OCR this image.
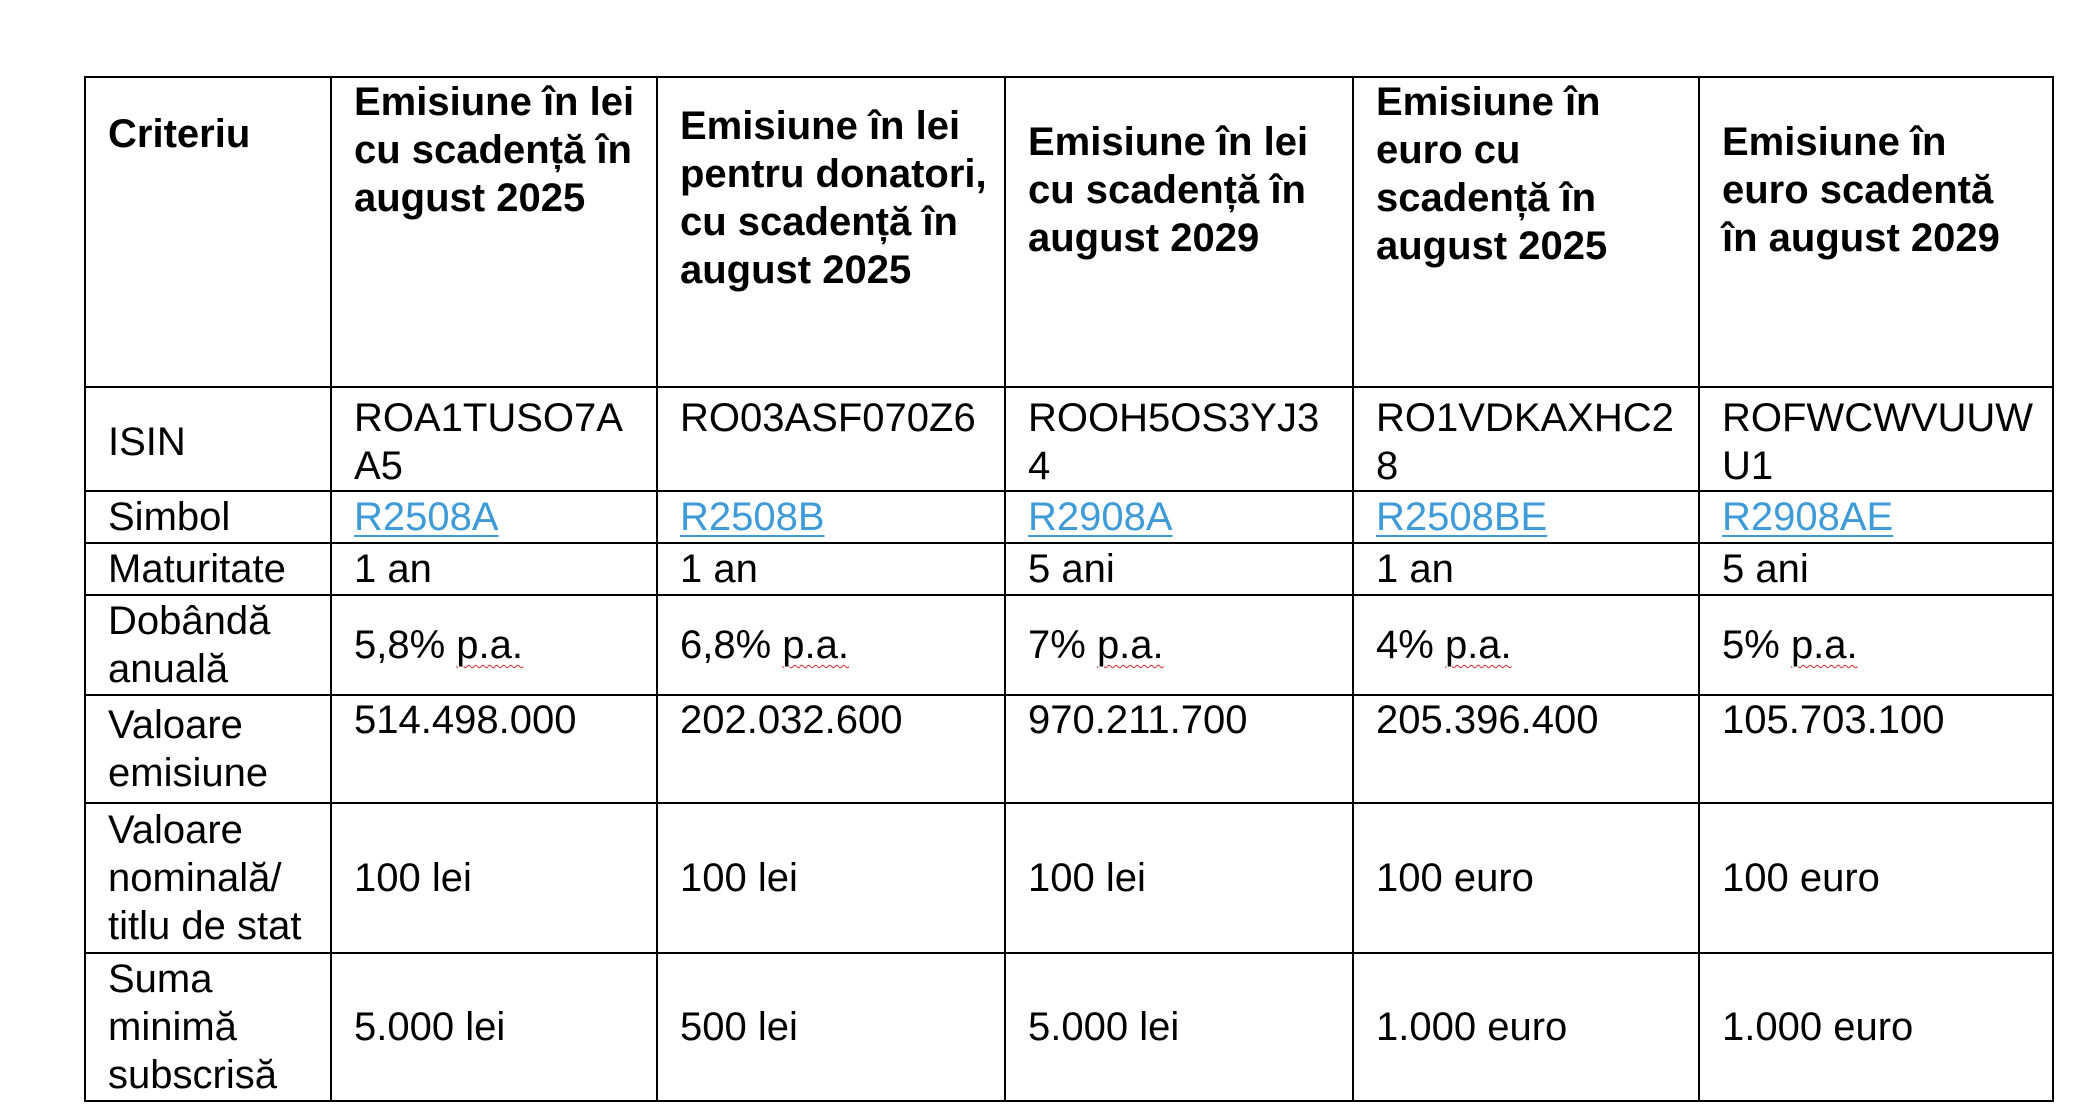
Criteriu	Emisiune în lei cu scadență în august 2025	Emisiune în lei pentru donatori, cu scadență în august 2025	Emisiune în lei cu scadență în august 2029	Emisiune în euro cu scadență în august 2025	Emisiune în euro scadentă în august 2029
ISIN	ROA1TUSO7AA5	RO03ASF070Z6	ROOH5OS3YJ34	RO1VDKAXHC28	ROFWCWVUUWU1

Simbol	R2508A	R2508B	R2908A	R2508BE	R2908AE
Maturitate	1 an	1 an	5 ani	1 an	5 ani
Dobândă anuală	5,8% p.a.	6,8% p.a.	7% p.a.	4% p.a.	5% p.a.
Valoare emisiune	514.498.000	202.032.600	970.211.700	205.396.400	105.703.100
Valoare nominală/ titlu de stat	100 lei	100 lei	100 lei	100 euro	100 euro
Suma minimă subscrisă	5.000 lei	500 lei	5.000 lei	1.000 euro	1.000 euro
